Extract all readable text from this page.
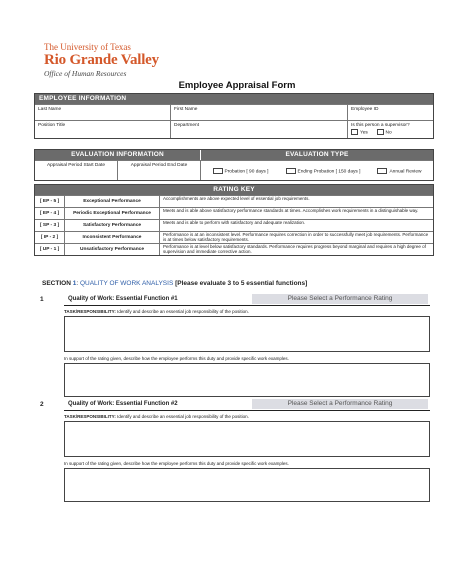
The University of Texas
Rio Grande Valley
Office of Human Resources
Employee Appraisal Form
EMPLOYEE INFORMATION
Last Name	First Name	Employee ID
Position Title	Department	Is this person a supervisor?
Yes	No
EVALUATION INFORMATION	EVALUATION TYPE
Appraisal Period Start Date	Appraisal Period End Date
Probation [ 90 days ]	Ending Probation [ 150 days ]	Annual Review
RATING KEY
[ EP - 5 ]	Exceptional Performance
Accomplishments are above expected level of essential job requirements.
[ EP - 4 ]	Periodic Exceptional Performance
Meets and is able above satisfactory performance standards at times. Accomplishes work requirements in a distinguishable way.
[ SP - 3 ]	Satisfactory Performance
Meets and is able to perform with satisfactory and adequate realization.
[ IP - 2 ]	Inconsistent Performance
Performance is at an inconsistent level. Performance requires correction in order to successfully meet job requirements. Performance is at times below satisfactory requirements.
[ UP - 1 ]	Unsatisfactory Performance
Performance is at level below satisfactory standards. Performance requires progress beyond marginal and requires a high degree of supervision and immediate corrective action.
SECTION 1: QUALITY OF WORK ANALYSIS [Please evaluate 3 to 5 essential functions]
1	Quality of Work: Essential Function #1	Please Select a Performance Rating
TASK/RESPONSIBILITY: Identify and describe an essential job responsibility of the position.
In support of the rating given, describe how the employee performs this duty and provide specific work examples.
2	Quality of Work: Essential Function #2	Please Select a Performance Rating
TASK/RESPONSIBILITY: Identify and describe an essential job responsibility of the position.
In support of the rating given, describe how the employee performs this duty and provide specific work examples.
